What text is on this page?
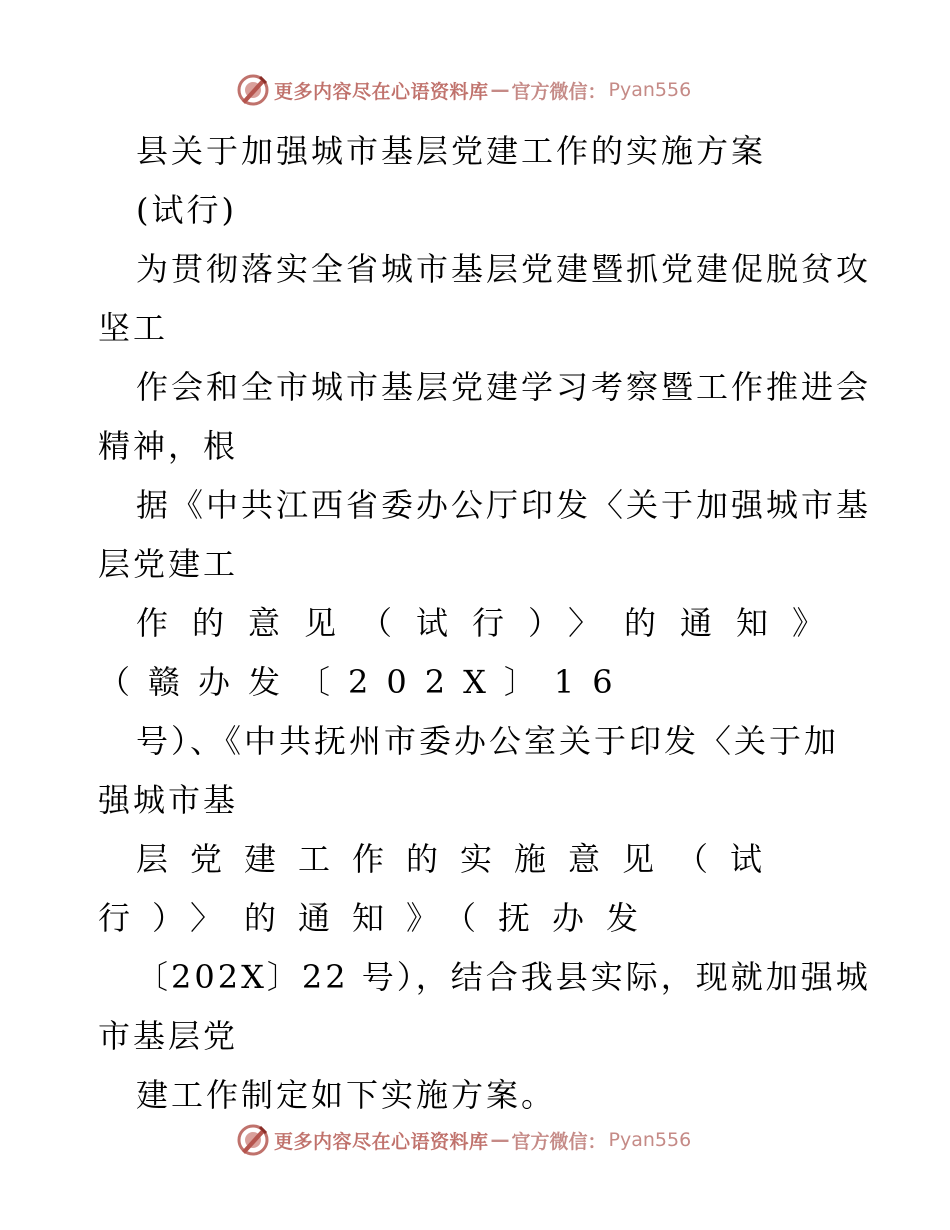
更多内容尽在心语资料库 — 官方微信： Pyan556
县关于加强城市基层党建工作的实施方案
(试行)
为贯彻落实全省城市基层党建暨抓党建促脱贫攻
坚工
作会和全市城市基层党建学习考察暨工作推进会
精神，根
据《中共江西省委办公厅印发〈关于加强城市基
层党建工
作的意见（试行）〉的通知》
（赣办发〔202X〕16
号）、《中共抚州市委办公室关于印发〈关于加
强城市基
层党建工作的实施意见（试
行）〉的通知》（抚办发
〔202X〕22 号），结合我县实际，现就加强城
市基层党
建工作制定如下实施方案。
更多内容尽在心语资料库 — 官方微信： Pyan556
